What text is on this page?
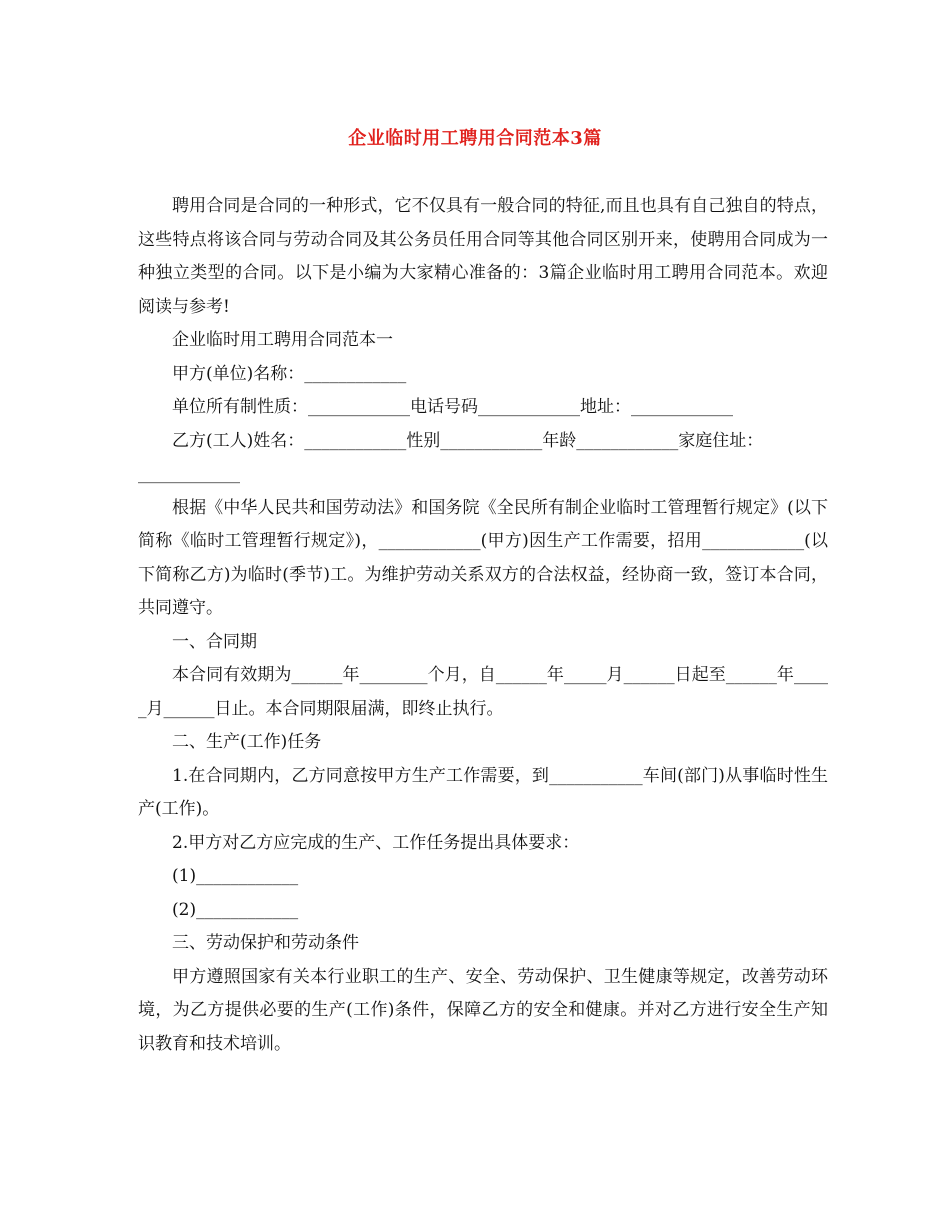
企业临时用工聘用合同范本3篇

聘用合同是合同的一种形式，它不仅具有一般合同的特征,而且也具有自己独自的特点，这些特点将该合同与劳动合同及其公务员任用合同等其他合同区别开来，使聘用合同成为一种独立类型的合同。以下是小编为大家精心准备的：3篇企业临时用工聘用合同范本。欢迎阅读与参考!

企业临时用工聘用合同范本一

甲方(单位)名称：____________

单位所有制性质：____________电话号码____________地址：____________

乙方(工人)姓名：____________性别____________年龄____________家庭住址：

____________

根据《中华人民共和国劳动法》和国务院《全民所有制企业临时工管理暂行规定》(以下简称《临时工管理暂行规定》)，____________(甲方)因生产工作需要，招用____________(以下简称乙方)为临时(季节)工。为维护劳动关系双方的合法权益，经协商一致，签订本合同，共同遵守。

一、合同期

本合同有效期为______年________个月，自______年_____月______日起至______年_____月______日止。本合同期限届满，即终止执行。

二、生产(工作)任务

1.在合同期内，乙方同意按甲方生产工作需要，到___________车间(部门)从事临时性生产(工作)。

2.甲方对乙方应完成的生产、工作任务提出具体要求：

(1)____________

(2)____________

三、劳动保护和劳动条件

甲方遵照国家有关本行业职工的生产、安全、劳动保护、卫生健康等规定，改善劳动环境，为乙方提供必要的生产(工作)条件，保障乙方的安全和健康。并对乙方进行安全生产知识教育和技术培训。
